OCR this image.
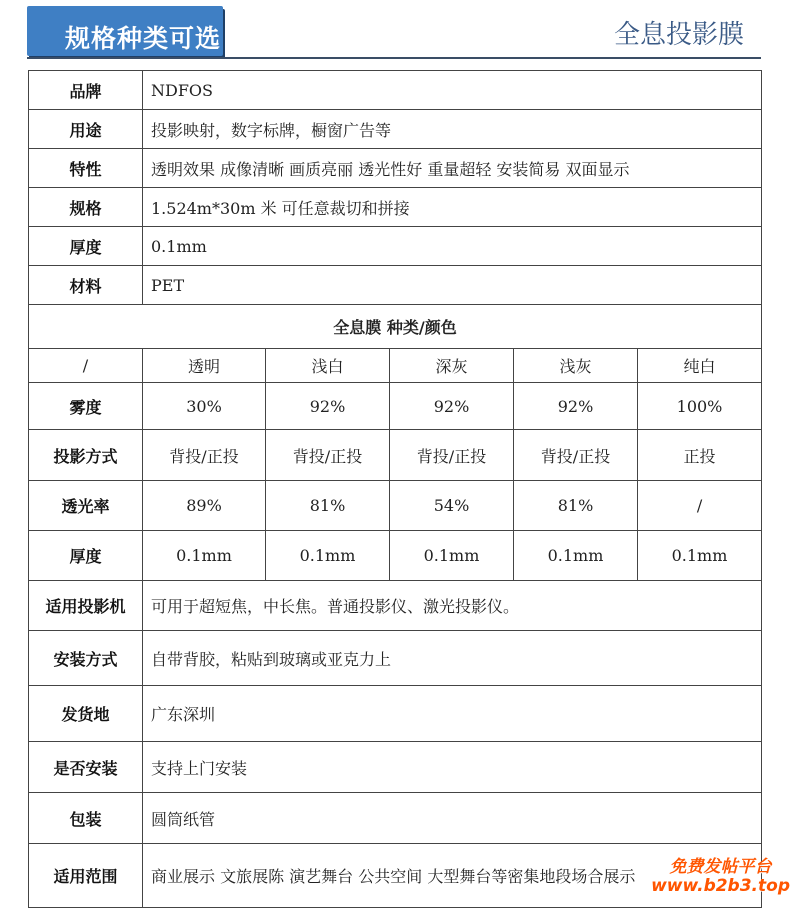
规格种类可选	全息投影膜
品牌	NDFOS				
用途	投影映射，数字标牌，橱窗广告等				
特性	透明效果 成像清晰 画质亮丽 透光性好 重量超轻 安装简易 双面显示				
规格	1.524m*30m 米 可任意裁切和拼接				
厚度	0.1mm				
材料	PET				
全息膜 种类/颜色					
/	透明	浅白	深灰	浅灰	纯白
雾度	30%	92%	92%	92%	100%
投影方式	背投/正投	背投/正投	背投/正投	背投/正投	正投
透光率	89%	81%	54%	81%	/
厚度	0.1mm	0.1mm	0.1mm	0.1mm	0.1mm
适用投影机	可用于超短焦，中长焦。普通投影仪、激光投影仪。				
安装方式	自带背胶，粘贴到玻璃或亚克力上				
发货地	广东深圳				
是否安装	支持上门安装				
包装	圆筒纸管				
适用范围	商业展示 文旅展陈 演艺舞台 公共空间 大型舞台等密集地段场合展示					免费发帖平台
www.b2b3.top
